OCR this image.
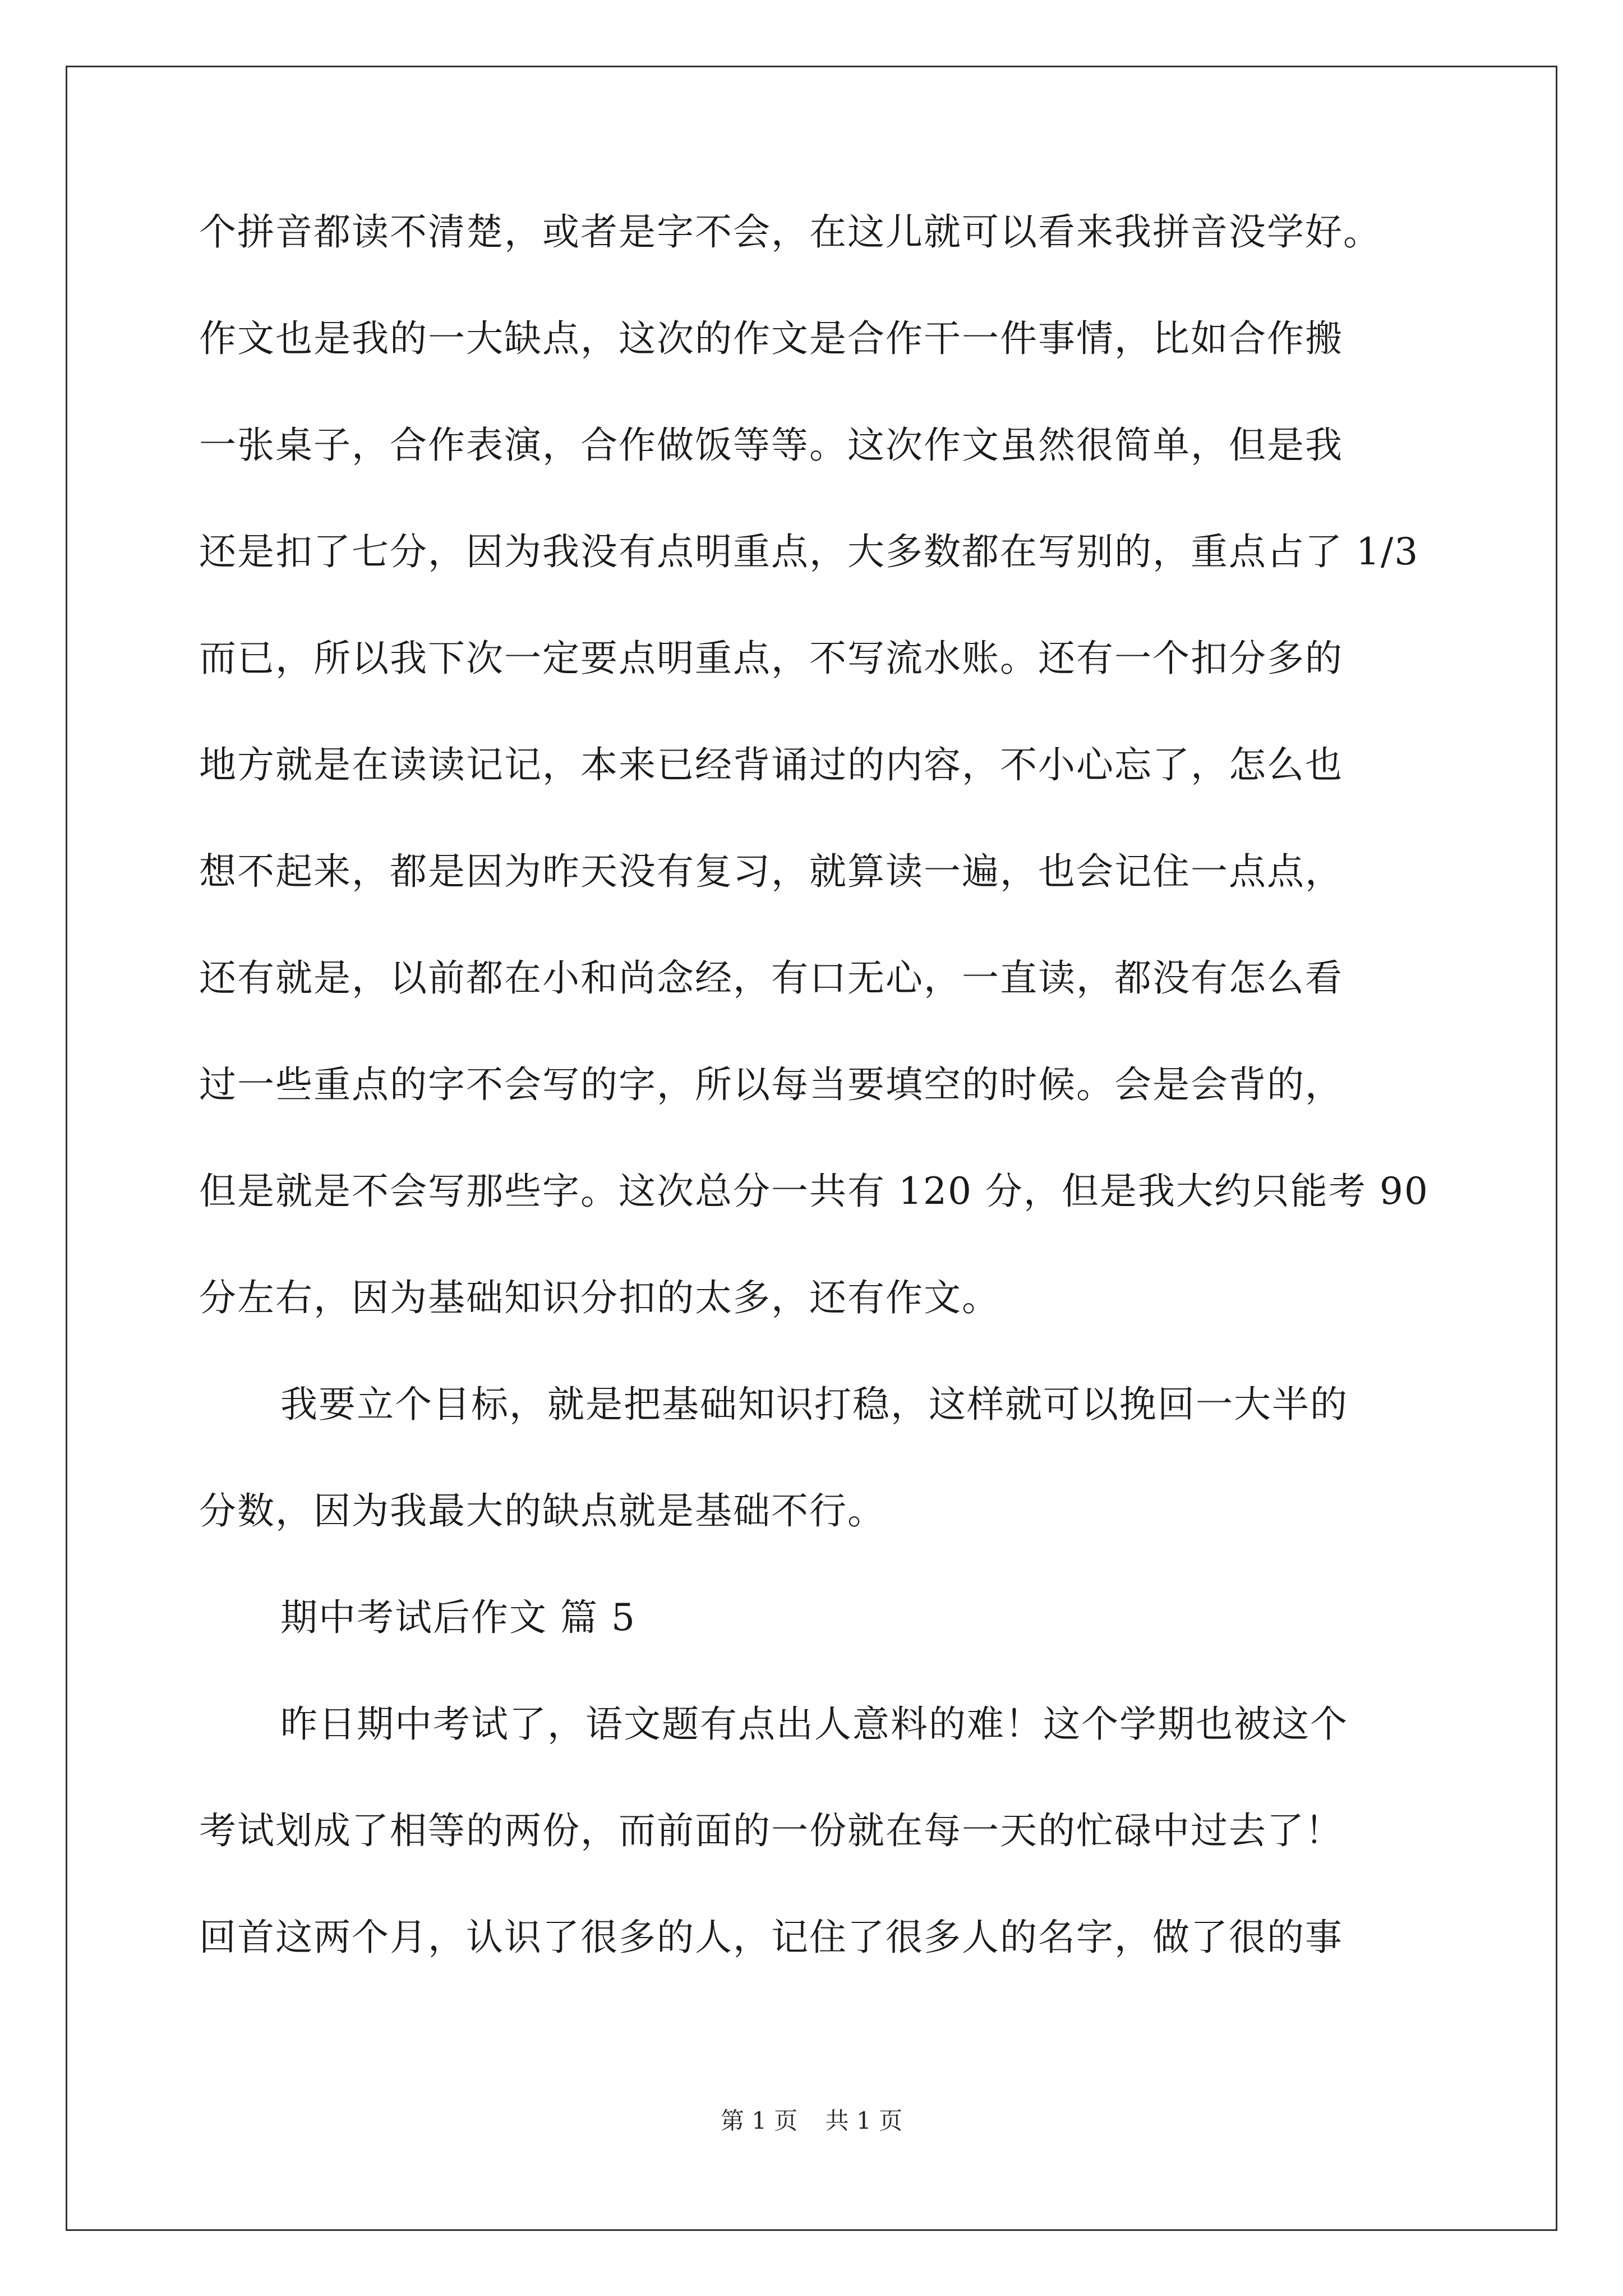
个拼音都读不清楚，或者是字不会，在这儿就可以看来我拼音没学好。

作文也是我的一大缺点，这次的作文是合作干一件事情，比如合作搬

一张桌子，合作表演，合作做饭等等。这次作文虽然很简单，但是我

还是扣了七分，因为我没有点明重点，大多数都在写别的，重点占了 1/3

而已，所以我下次一定要点明重点，不写流水账。还有一个扣分多的

地方就是在读读记记，本来已经背诵过的内容，不小心忘了，怎么也

想不起来，都是因为昨天没有复习，就算读一遍，也会记住一点点，

还有就是，以前都在小和尚念经，有口无心，一直读，都没有怎么看

过一些重点的字不会写的字，所以每当要填空的时候。会是会背的，

但是就是不会写那些字。这次总分一共有 120 分，但是我大约只能考 90

分左右，因为基础知识分扣的太多，还有作文。

我要立个目标，就是把基础知识打稳，这样就可以挽回一大半的

分数，因为我最大的缺点就是基础不行。

期中考试后作文 篇 5

昨日期中考试了，语文题有点出人意料的难！这个学期也被这个

考试划成了相等的两份，而前面的一份就在每一天的忙碌中过去了！

回首这两个月，认识了很多的人，记住了很多人的名字，做了很的事

第 1 页 共 1 页
